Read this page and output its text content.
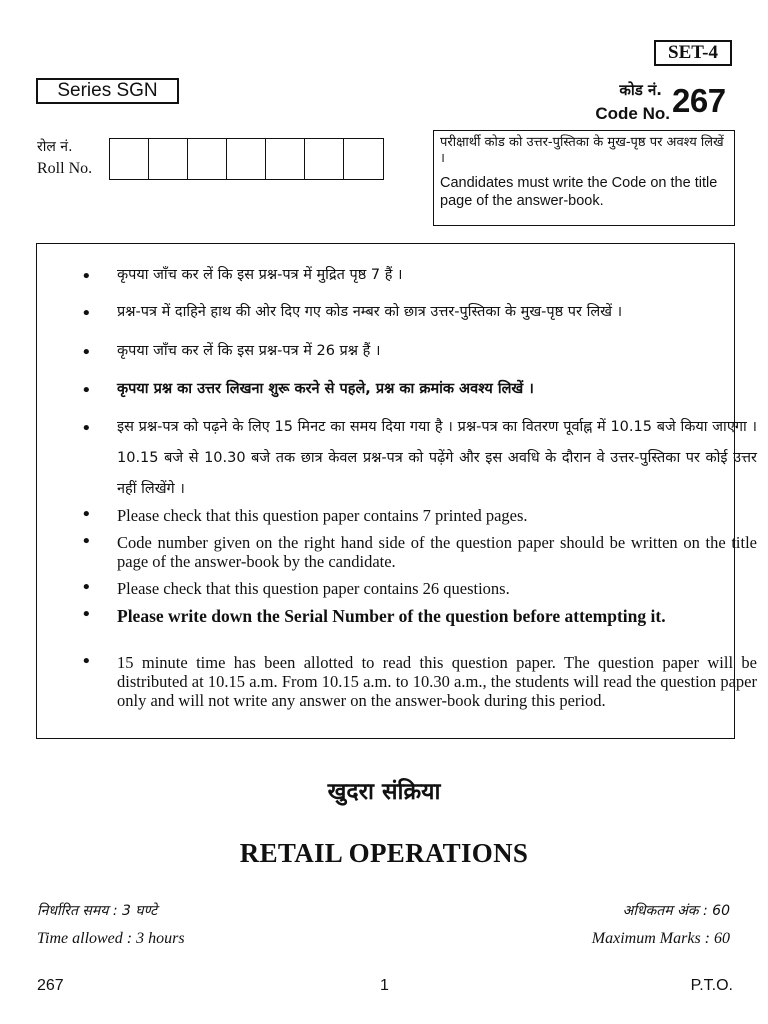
SET-4
Series SGN	कोड नं.
Code No. 267
रोल नं.
Roll No.
परीक्षार्थी कोड को उत्तर-पुस्तिका के मुख-पृष्ठ पर अवश्य लिखें ।
Candidates must write the Code on the title page of the answer-book.
• कृपया जाँच कर लें कि इस प्रश्न-पत्र में मुद्रित पृष्ठ 7 हैं ।
• प्रश्न-पत्र में दाहिने हाथ की ओर दिए गए कोड नम्बर को छात्र उत्तर-पुस्तिका के मुख-पृष्ठ पर लिखें ।
• कृपया जाँच कर लें कि इस प्रश्न-पत्र में 26 प्रश्न हैं ।
• कृपया प्रश्न का उत्तर लिखना शुरू करने से पहले, प्रश्न का क्रमांक अवश्य लिखें ।
• इस प्रश्न-पत्र को पढ़ने के लिए 15 मिनट का समय दिया गया है । प्रश्न-पत्र का वितरण पूर्वाह्न में 10.15 बजे किया जाएगा । 10.15 बजे से 10.30 बजे तक छात्र केवल प्रश्न-पत्र को पढ़ेंगे और इस अवधि के दौरान वे उत्तर-पुस्तिका पर कोई उत्तर नहीं लिखेंगे ।
• Please check that this question paper contains 7 printed pages.
• Code number given on the right hand side of the question paper should be written on the title page of the answer-book by the candidate.
• Please check that this question paper contains 26 questions.
• Please write down the Serial Number of the question before attempting it.
• 15 minute time has been allotted to read this question paper. The question paper will be distributed at 10.15 a.m. From 10.15 a.m. to 10.30 a.m., the students will read the question paper only and will not write any answer on the answer-book during this period.
खुदरा संक्रिया
RETAIL OPERATIONS
निर्धारित समय : 3 घण्टे
Time allowed : 3 hours
अधिकतम अंक : 60
Maximum Marks : 60
267	1	P.T.O.
